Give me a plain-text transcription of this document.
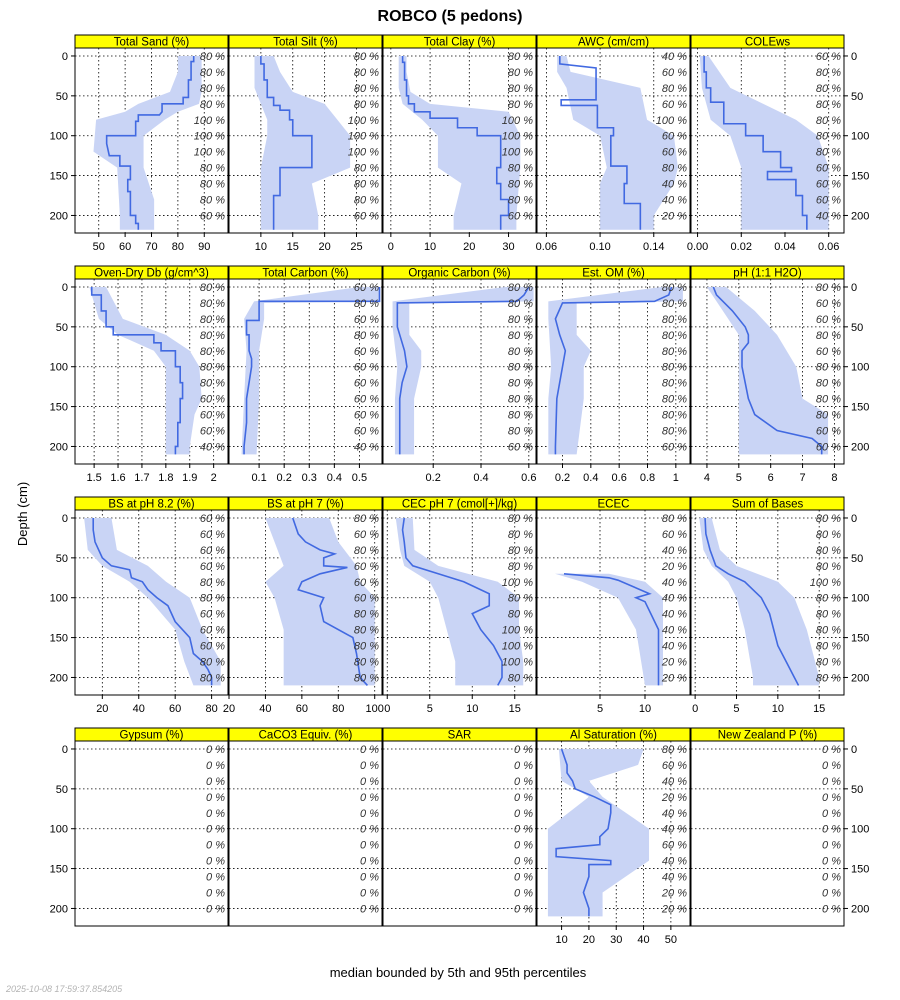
ROBCO (5 pedons)
Depth (cm)
median bounded by 5th and 95th percentiles
2025-10-08 17:59:37.854205
Total Sand (%)
80 %
80 %
80 %
80 %
100 %
100 %
100 %
80 %
80 %
80 %
60 %
50 60 70 80 90
0
50
100
150
200
Total Silt (%)
80 %
80 %
80 %
80 %
100 %
100 %
100 %
80 %
80 %
80 %
60 %
10 15 20 25
Total Clay (%)
80 %
80 %
80 %
80 %
100 %
100 %
100 %
80 %
80 %
80 %
60 %
0	10 20 30
AWC (cm/cm)
40 %
60 %
80 %
60 %
100 %
60 %
60 %
80 %
40 %
40 %
20 %
0.06	0.10	0.14
COLEws
60 %
80 %
80 %
80 %
80 %
80 %
80 %
60 %
60 %
60 %
40 %
0.00 0.02 0.04 0.06
0
50
100
150
200
Oven-Dry Db (g/cm^3)
80 %
80 %
80 %
80 %
80 %
80 %
80 %
60 %
60 %
60 %
40 %
1.5 1.6 1.7 1.8 1.9 2
0
50
100
150
200
Total Carbon (%)
60 %
80 %
60 %
80 %
60 %
60 %
60 %
60 %
60 %
60 %
40 %
0.1 0.2 0.3 0.4 0.5
Organic Carbon (%)
80 %
80 %
80 %
80 %
80 %
80 %
80 %
80 %
80 %
80 %
60 %
0.2	0.4	0.6
Est. OM (%)
80 %
80 %
80 %
80 %
80 %
80 %
80 %
80 %
80 %
80 %
60 %
0.2 0.4 0.6 0.8 1
pH (1:1 H2O)
80 %
60 %
60 %
80 %
60 %
80 %
80 %
80 %
80 %
60 %
60 %
4 5 6 7 8
0
50
100
150
200
BS at pH 8.2 (%)
60 %
60 %
60 %
60 %
80 %
80 %
60 %
60 %
60 %
80 %
80 %
20 40 60 80
0
50
100
150
200
BS at pH 7 (%)
80 %
60 %
80 %
60 %
60 %
60 %
80 %
80 %
80 %
80 %
80 %
20 40 60 80 100
CEC pH 7 (cmol[+]/kg)
80 %
80 %
80 %
80 %
100 %
80 %
80 %
100 %
100 %
100 %
80 %
0	5	10	15
ECEC
80 %
60 %
40 %
20 %
40 %
40 %
40 %
40 %
40 %
20 %
20 %
5	10
Sum of Bases
80 %
80 %
80 %
80 %
100 %
80 %
80 %
80 %
80 %
80 %
80 %
0	5	10	15
0
50
100
150
200
Gypsum (%)
0 %
0 %
0 %
0 %
0 %
0 %
0 %
0 %
0 %
0 %
0 %
0
50
100
150
200
CaCO3 Equiv. (%)
0 %
0 %
0 %
0 %
0 %
0 %
0 %
0 %
0 %
0 %
0 %
SAR
0 %
0 %
0 %
0 %
0 %
0 %
0 %
0 %
0 %
0 %
0 %
Al Saturation (%)
80 %
60 %
40 %
20 %
40 %
40 %
60 %
40 %
40 %
20 %
20 %
10 20 30 40 50
New Zealand P (%)
0 %
0 %
0 %
0 %
0 %
0 %
0 %
0 %
0 %
0 %
0 %
0
50
100
150
200
